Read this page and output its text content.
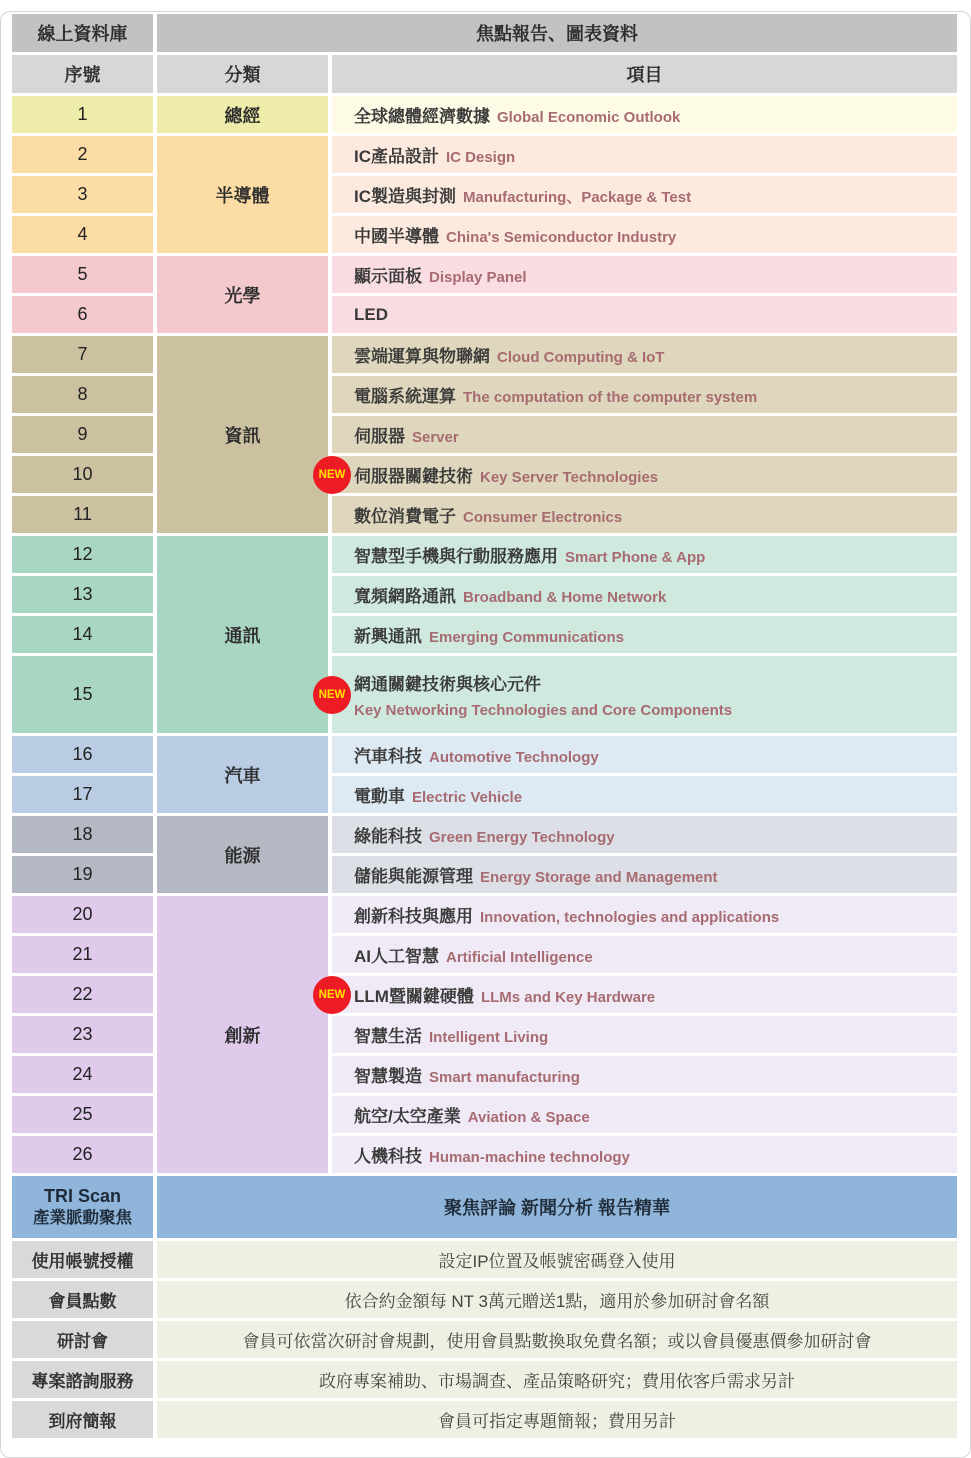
線上資料庫	焦點報告、圖表資料	
序號	分類	項目
1	總經	全球總體經濟數據 Global Economic Outlook
2	半導體	IC產品設計 IC Design
3		IC製造與封測 Manufacturing、Package & Test
4		中國半導體 China's Semiconductor Industry
5	光學	顯示面板 Display Panel
6		LED
7	資訊	雲端運算與物聯網 Cloud Computing & IoT
8		電腦系統運算 The computation of the computer system
9		伺服器 Server
10		NEW 伺服器關鍵技術 Key Server Technologies
11		數位消費電子 Consumer Electronics
12	通訊	智慧型手機與行動服務應用 Smart Phone & App
13		寬頻網路通訊 Broadband & Home Network
14		新興通訊 Emerging Communications
15		NEW
網通關鍵技術與核心元件
Key Networking Technologies and Core Components

16	汽車	汽車科技 Automotive Technology
17		電動車 Electric Vehicle
18	能源	綠能科技 Green Energy Technology
19		儲能與能源管理 Energy Storage and Management
20	創新	創新科技與應用 Innovation, technologies and applications
21		AI人工智慧 Artificial Intelligence
22		NEW LLM暨關鍵硬體 LLMs and Key Hardware
23		智慧生活 Intelligent Living
24		智慧製造 Smart manufacturing
25		航空/太空產業 Aviation & Space
26		人機科技 Human-machine technology

TRI Scan
產業脈動聚焦	聚焦評論 新聞分析 報告精華	
使用帳號授權	設定IP位置及帳號密碼登入使用	
會員點數	依合約金額每 NT 3萬元贈送1點，適用於參加研討會名額	
研討會	會員可依當次研討會規劃，使用會員點數換取免費名額；或以會員優惠價參加研討會	
專案諮詢服務	政府專案補助、市場調查、產品策略研究；費用依客戶需求另計	
到府簡報	會員可指定專題簡報；費用另計	
